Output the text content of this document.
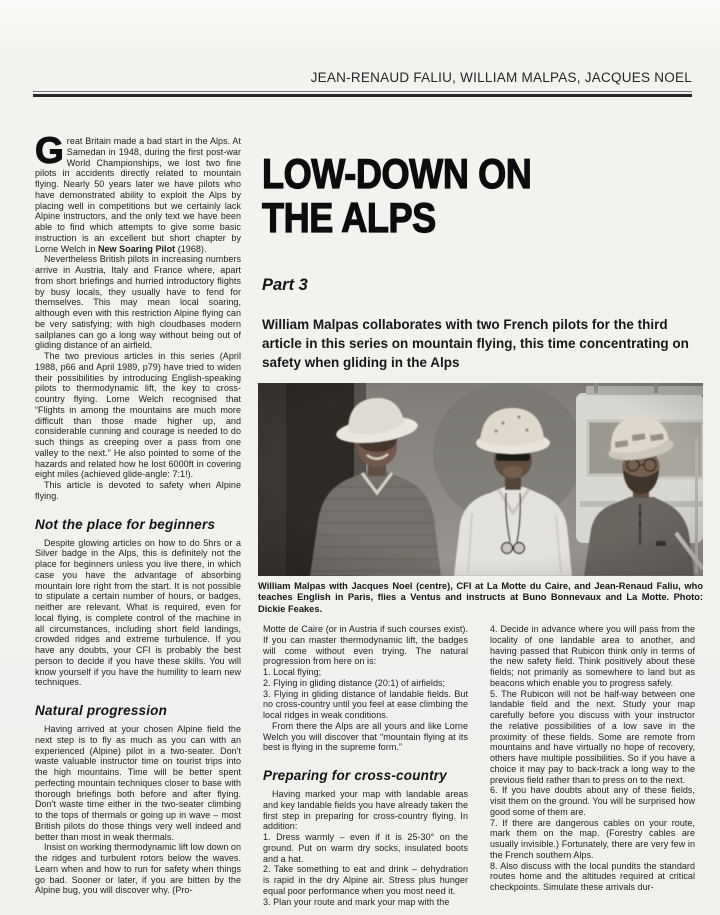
JEAN-RENAUD FALIU, WILLIAM MALPAS, JACQUES NOEL

Great Britain made a bad start in the Alps. At Samedan in 1948, during the first post-war World Championships, we lost two fine pilots in accidents directly related to mountain flying. Nearly 50 years later we have pilots who have demonstrated ability to exploit the Alps by placing well in competitions but we certainly lack Alpine instructors, and the only text we have been able to find which attempts to give some basic instruction is an excellent but short chapter by Lorne Welch in New Soaring Pilot (1968).

Nevertheless British pilots in increasing numbers arrive in Austria, Italy and France where, apart from short briefings and hurried introductory flights by busy locals, they usually have to fend for themselves. This may mean local soaring, although even with this restriction Alpine flying can be very satisfying; with high cloudbases modern sailplanes can go a long way without being out of gliding distance of an airfield.

The two previous articles in this series (April 1988, p66 and April 1989, p79) have tried to widen their possibilities by introducing English-speaking pilots to thermodynamic lift, the key to cross-country flying. Lorne Welch recognised that “Flights in among the mountains are much more difficult than those made higher up, and considerable cunning and courage is needed to do such things as creeping over a pass from one valley to the next.” He also pointed to some of the hazards and related how he lost 6000ft in covering eight miles (achieved glide-angle: 7:1!).

This article is devoted to safety when Alpine flying.

Not the place for beginners

Despite glowing articles on how to do 5hrs or a Silver badge in the Alps, this is definitely not the place for beginners unless you live there, in which case you have the advantage of absorbing mountain lore right from the start. It is not possible to stipulate a certain number of hours, or badges, neither are relevant. What is required, even for local flying, is complete control of the machine in all circumstances, including short field landings, crowded ridges and extreme turbulence. If you have any doubts, your CFI is probably the best person to decide if you have these skills. You will know yourself if you have the humility to learn new techniques.

Natural progression

Having arrived at your chosen Alpine field the next step is to fly as much as you can with an experienced (Alpine) pilot in a two-seater. Don't waste valuable instructor time on tourist trips into the high mountains. Time will be better spent perfecting mountain techniques closer to base with thorough briefings both before and after flying. Don't waste time either in the two-seater climbing to the tops of thermals or going up in wave – most British pilots do those things very well indeed and better than most in weak thermals.

Insist on working thermodynamic lift low down on the ridges and turbulent rotors below the waves. Learn when and how to run for safety when things go bad. Sooner or later, if you are bitten by the Alpine bug, you will discover why. (Pro-

LOW-DOWN ON
THE ALPS
Part 3

William Malpas collaborates with two French pilots for the third article in this series on mountain flying, this time concentrating on safety when gliding in the Alps

William Malpas with Jacques Noel (centre), CFI at La Motte du Caire, and Jean-Renaud Faliu, who teaches English in Paris, flies a Ventus and instructs at Buno Bonnevaux and La Motte. Photo: Dickie Feakes.

Motte de Caire (or in Austria if such courses exist). If you can master thermodynamic lift, the badges will come without even trying. The natural progression from here on is:

1. Local flying;

2. Flying in gliding distance (20:1) of airfields;

3. Flying in gliding distance of landable fields. But no cross-country until you feel at ease climbing the local ridges in weak conditions.

From there the Alps are all yours and like Lorne Welch you will discover that “mountain flying at its best is flying in the supreme form.”

Preparing for cross-country

Having marked your map with landable areas and key landable fields you have already taken the first step in preparing for cross-country flying. In addition:

1. Dress warmly – even if it is 25-30° on the ground. Put on warm dry socks, insulated boots and a hat.

2. Take something to eat and drink – dehydration is rapid in the dry Alpine air. Stress plus hunger equal poor performance when you most need it.

3. Plan your route and mark your map with the

4. Decide in advance where you will pass from the locality of one landable area to another, and having passed that Rubicon think only in terms of the new safety field. Think positively about these fields; not primarily as somewhere to land but as beacons which enable you to progress safely.

5. The Rubicon will not be half-way between one landable field and the next. Study your map carefully before you discuss with your instructor the relative possibilities of a low save in the proximity of these fields. Some are remote from mountains and have virtually no hope of recovery, others have multiple possibilities. So if you have a choice it may pay to back-track a long way to the previous field rather than to press on to the next.

6. If you have doubts about any of these fields, visit them on the ground. You will be surprised how good some of them are.

7. If there are dangerous cables on your route, mark them on the map. (Forestry cables are usually invisible.) Fortunately, there are very few in the French southern Alps.

8. Also discuss with the local pundits the standard routes home and the altitudes required at critical checkpoints. Simulate these arrivals dur-
